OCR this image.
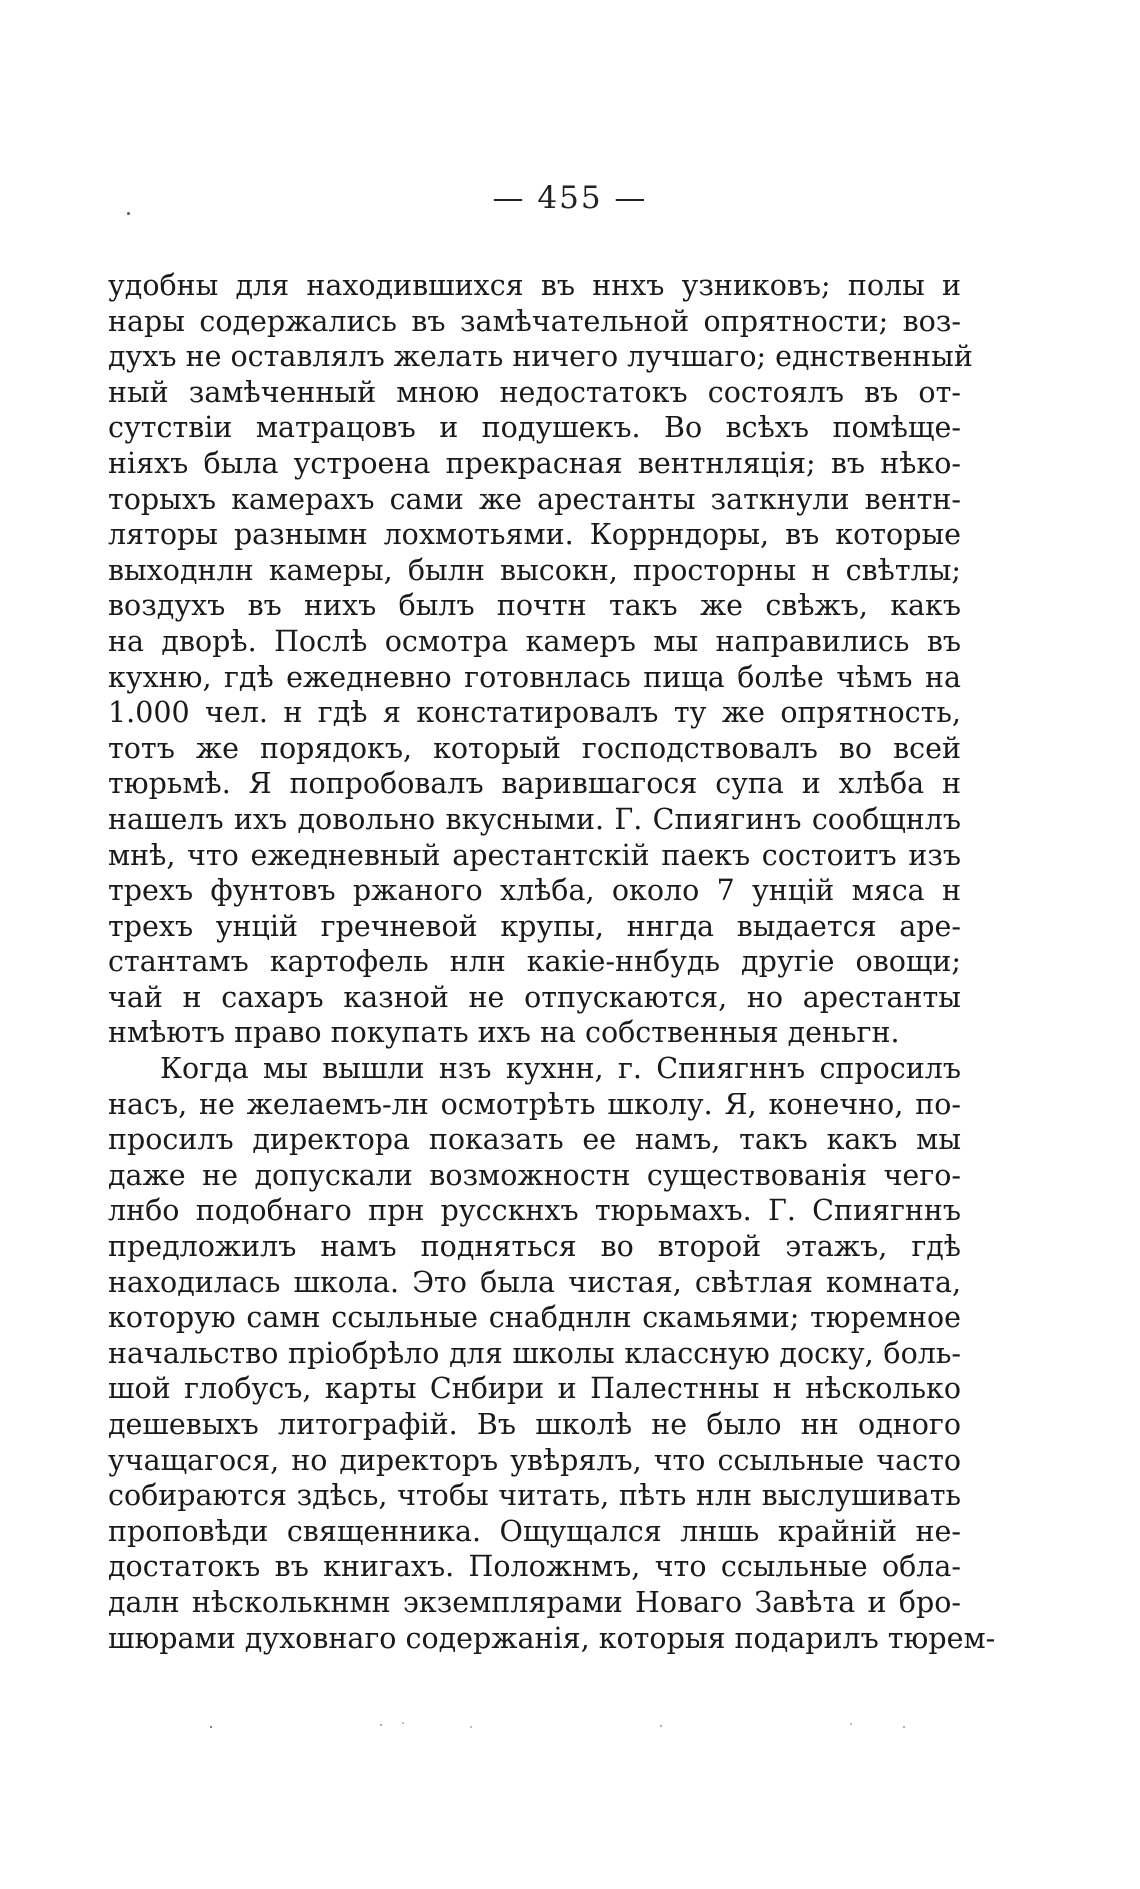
— 455 —
удобны для находившихся въ ннхъ узниковъ; полы и
нары содержались въ замѣчательной опрятности; воз-
духъ не оставлялъ желать ничего лучшаго; еднственный
ный замѣченный мною недостатокъ состоялъ въ от-
сутствіи матрацовъ и подушекъ. Во всѣхъ помѣще-
ніяхъ была устроена прекрасная вентнляція; въ нѣко-
торыхъ камерахъ сами же арестанты заткнули вентн-
ляторы разнымн лохмотьями. Коррндоры, въ которые
выходнлн камеры, былн высокн, просторны н свѣтлы;
воздухъ въ нихъ былъ почтн такъ же свѣжъ, какъ
на дворѣ. Послѣ осмотра камеръ мы направились въ
кухню, гдѣ ежедневно готовнлась пища болѣе чѣмъ на
1.000 чел. н гдѣ я констатировалъ ту же опрятность,
тотъ же порядокъ, который господствовалъ во всей
тюрьмѣ. Я попробовалъ варившагося супа и хлѣба н
нашелъ ихъ довольно вкусными. Г. Спиягинъ сообщнлъ
мнѣ, что ежедневный арестантскій паекъ состоитъ изъ
трехъ фунтовъ ржаного хлѣба, около 7 унцій мяса н
трехъ унцій гречневой крупы, ннгда выдается аре-
стантамъ картофель нлн какіе-ннбудь другіе овощи;
чай н сахаръ казной не отпускаются, но арестанты
нмѣютъ право покупать ихъ на собственныя деньгн.
Когда мы вышли нзъ кухнн, г. Спиягннъ спросилъ
насъ, не желаемъ-лн осмотрѣть школу. Я, конечно, по-
просилъ директора показать ее намъ, такъ какъ мы
даже не допускали возможностн существованія чего-
лнбо подобнаго прн русскнхъ тюрьмахъ. Г. Спиягннъ
предложилъ намъ подняться во второй этажъ, гдѣ
находилась школа. Это была чистая, свѣтлая комната,
которую самн ссыльные снабднлн скамьями; тюремное
начальство пріобрѣло для школы классную доску, боль-
шой глобусъ, карты Снбири и Палестнны н нѣсколько
дешевыхъ литографій. Въ школѣ не было нн одного
учащагося, но директоръ увѣрялъ, что ссыльные часто
собираются здѣсь, чтобы читать, пѣть нлн выслушивать
проповѣди священника. Ощущался лншь крайній не-
достатокъ въ книгахъ. Положнмъ, что ссыльные обла-
далн нѣсколькнмн экземплярами Новаго Завѣта и бро-
шюрами духовнаго содержанія, которыя подарилъ тюрем-
